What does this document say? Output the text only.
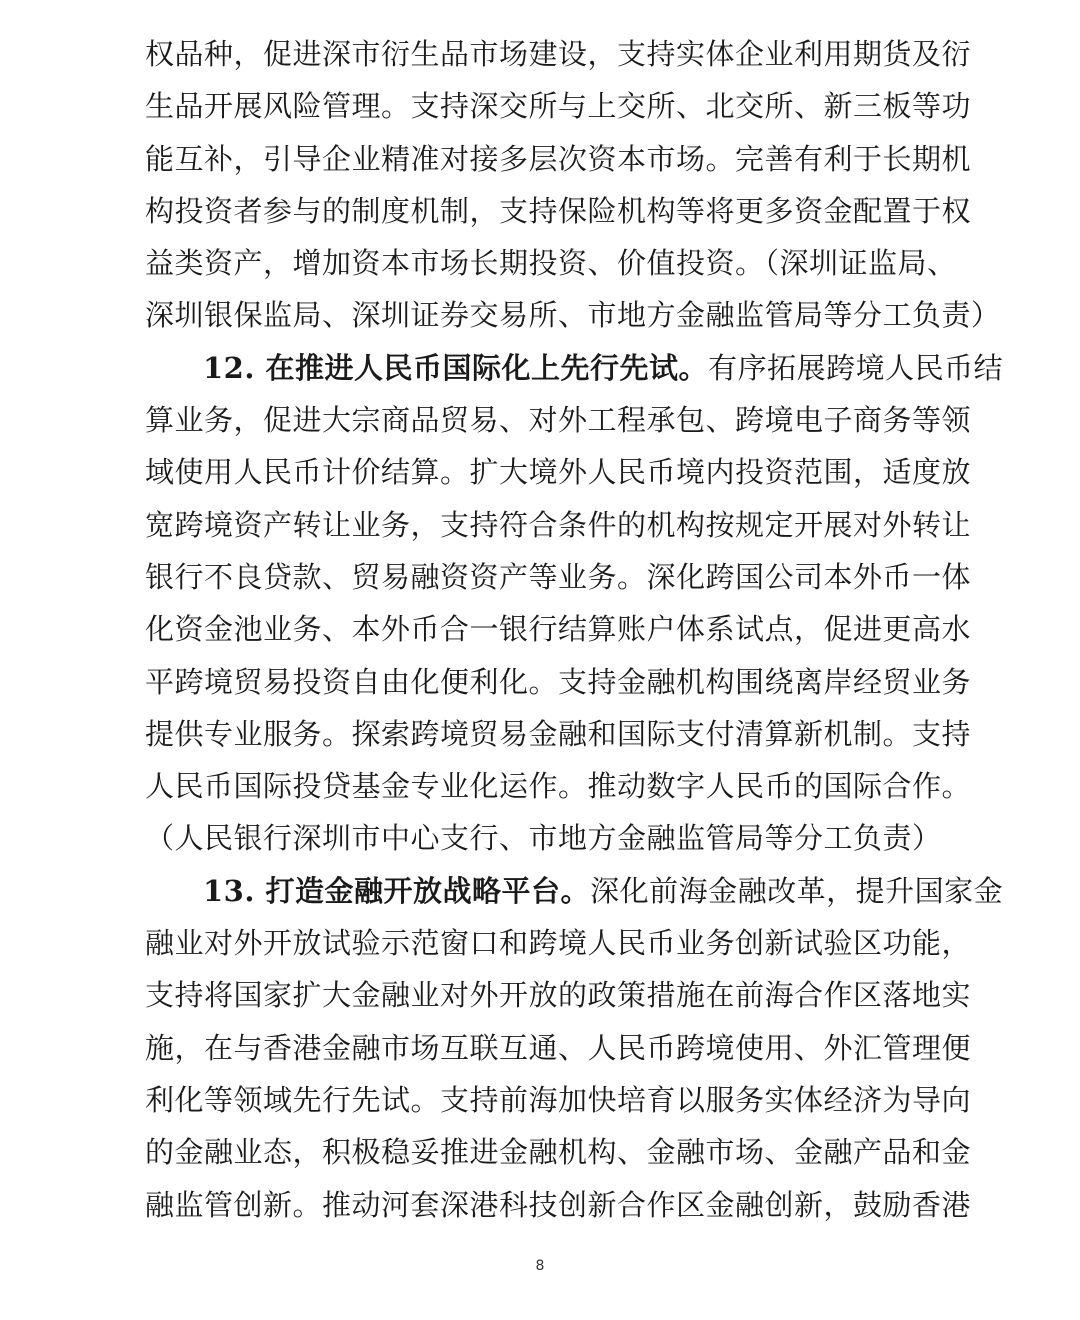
权品种，促进深市衍生品市场建设，支持实体企业利用期货及衍
生品开展风险管理。支持深交所与上交所、北交所、新三板等功
能互补，引导企业精准对接多层次资本市场。完善有利于长期机
构投资者参与的制度机制，支持保险机构等将更多资金配置于权
益类资产，增加资本市场长期投资、价值投资。（深圳证监局、
深圳银保监局、深圳证券交易所、市地方金融监管局等分工负责）
12. 在推进人民币国际化上先行先试。有序拓展跨境人民币结
算业务，促进大宗商品贸易、对外工程承包、跨境电子商务等领
域使用人民币计价结算。扩大境外人民币境内投资范围，适度放
宽跨境资产转让业务，支持符合条件的机构按规定开展对外转让
银行不良贷款、贸易融资资产等业务。深化跨国公司本外币一体
化资金池业务、本外币合一银行结算账户体系试点，促进更高水
平跨境贸易投资自由化便利化。支持金融机构围绕离岸经贸业务
提供专业服务。探索跨境贸易金融和国际支付清算新机制。支持
人民币国际投贷基金专业化运作。推动数字人民币的国际合作。
（人民银行深圳市中心支行、市地方金融监管局等分工负责）
13. 打造金融开放战略平台。深化前海金融改革，提升国家金
融业对外开放试验示范窗口和跨境人民币业务创新试验区功能，
支持将国家扩大金融业对外开放的政策措施在前海合作区落地实
施，在与香港金融市场互联互通、人民币跨境使用、外汇管理便
利化等领域先行先试。支持前海加快培育以服务实体经济为导向
的金融业态，积极稳妥推进金融机构、金融市场、金融产品和金
融监管创新。推动河套深港科技创新合作区金融创新，鼓励香港
8
